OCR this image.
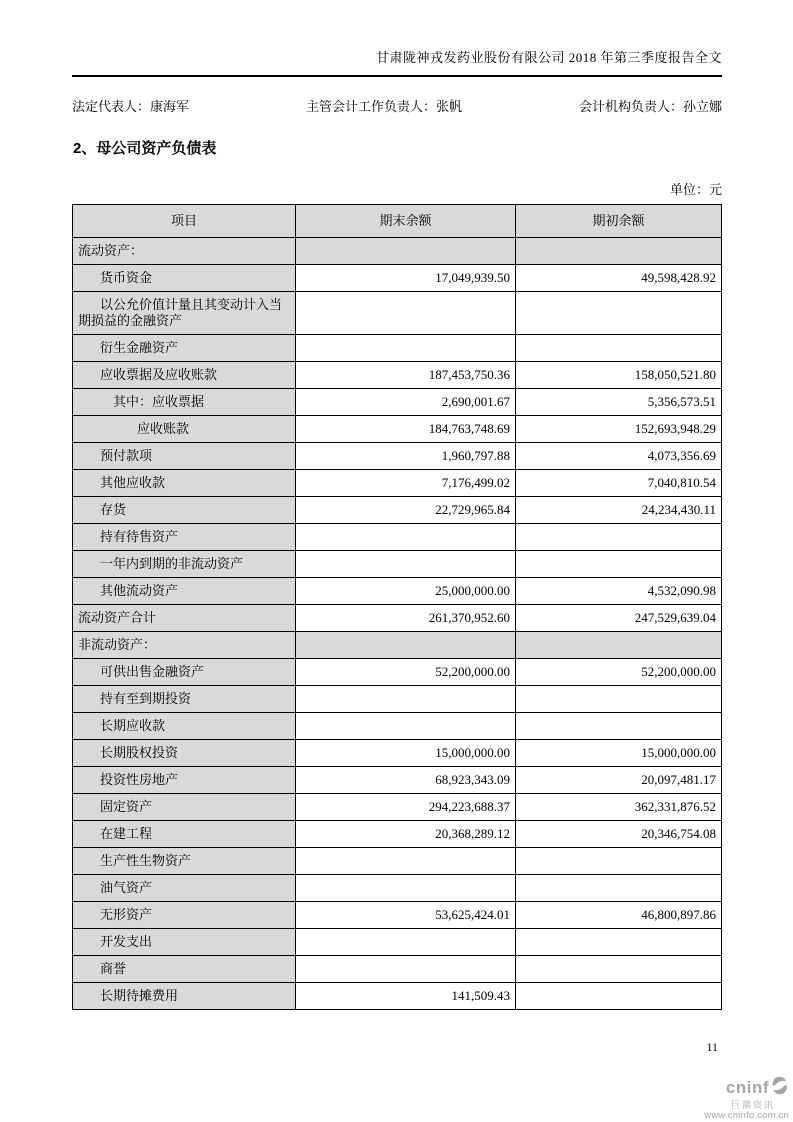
甘肃陇神戎发药业股份有限公司 2018 年第三季度报告全文
法定代表人：康海军	主管会计工作负责人：张帆	会计机构负责人：孙立娜
2、母公司资产负债表
单位：元
项目	期末余额	期初余额
流动资产：		
货币资金	17,049,939.50	49,598,428.92
以公允价值计量且其变动计入当期损益的金融资产		
衍生金融资产		
应收票据及应收账款	187,453,750.36	158,050,521.80
其中：应收票据	2,690,001.67	5,356,573.51
应收账款	184,763,748.69	152,693,948.29
预付款项	1,960,797.88	4,073,356.69
其他应收款	7,176,499.02	7,040,810.54
存货	22,729,965.84	24,234,430.11
持有待售资产		
一年内到期的非流动资产		
其他流动资产	25,000,000.00	4,532,090.98
流动资产合计	261,370,952.60	247,529,639.04
非流动资产：		
可供出售金融资产	52,200,000.00	52,200,000.00
持有至到期投资		
长期应收款		
长期股权投资	15,000,000.00	15,000,000.00
投资性房地产	68,923,343.09	20,097,481.17
固定资产	294,223,688.37	362,331,876.52
在建工程	20,368,289.12	20,346,754.08
生产性生物资产		
油气资产		
无形资产	53,625,424.01	46,800,897.86
开发支出		
商誉		
长期待摊费用	141,509.43	
11
cninf
巨潮资讯
www.cninfo.com.cn
